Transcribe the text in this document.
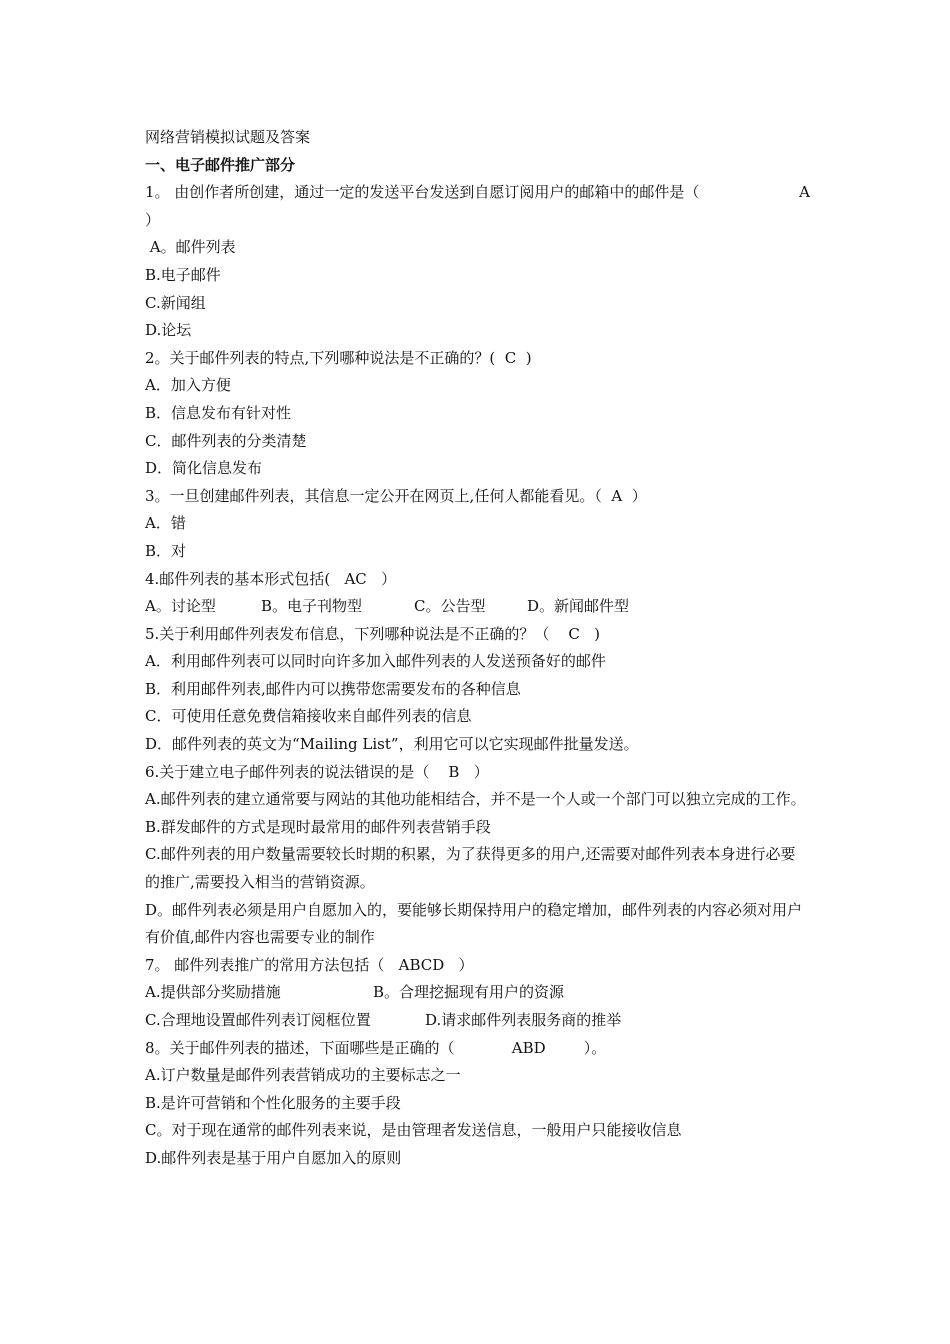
网络营销模拟试题及答案
一、电子邮件推广部分
1。 由创作者所创建，通过一定的发送平台发送到自愿订阅用户的邮箱中的邮件是（	A
）
A。邮件列表
B.电子邮件
C.新闻组
D.论坛
2。关于邮件列表的特点,下列哪种说法是不正确的？(  C  )
A．加入方便
B．信息发布有针对性
C．邮件列表的分类清楚
D．简化信息发布
3。一旦创建邮件列表，其信息一定公开在网页上,任何人都能看见。（  A  ）
A．错
B．对
4.邮件列表的基本形式包括(   AC   ）
A。讨论型	B。电子刊物型	C。公告型	D。新闻邮件型
5.关于利用邮件列表发布信息，下列哪种说法是不正确的？（    C   )
A．利用邮件列表可以同时向许多加入邮件列表的人发送预备好的邮件
B．利用邮件列表,邮件内可以携带您需要发布的各种信息
C．可使用任意免费信箱接收来自邮件列表的信息
D．邮件列表的英文为“Mailing List”，利用它可以它实现邮件批量发送。
6.关于建立电子邮件列表的说法错误的是（    B   ）
A.邮件列表的建立通常要与网站的其他功能相结合，并不是一个人或一个部门可以独立完成的工作。
B.群发邮件的方式是现时最常用的邮件列表营销手段
C.邮件列表的用户数量需要较长时期的积累，为了获得更多的用户,还需要对邮件列表本身进行必要的推广,需要投入相当的营销资源。
D。邮件列表必须是用户自愿加入的，要能够长期保持用户的稳定增加，邮件列表的内容必须对用户有价值,邮件内容也需要专业的制作
7。 邮件列表推广的常用方法包括（   ABCD   ）
A.提供部分奖励措施	B。合理挖掘现有用户的资源
C.合理地设置邮件列表订阅框位置	D.请求邮件列表服务商的推举
8。关于邮件列表的描述，下面哪些是正确的（            ABD        ）。
A.订户数量是邮件列表营销成功的主要标志之一
B.是许可营销和个性化服务的主要手段
C。对于现在通常的邮件列表来说，是由管理者发送信息，一般用户只能接收信息
D.邮件列表是基于用户自愿加入的原则
